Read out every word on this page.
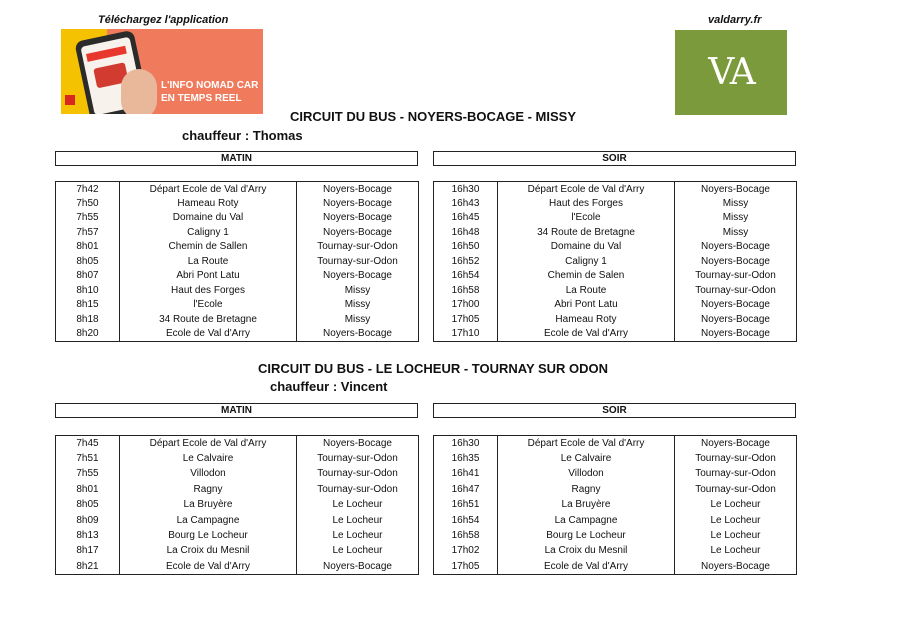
Téléchargez l'application	valdarry.fr
L'INFO NOMAD CAR
EN TEMPS REEL
VA
CIRCUIT DU BUS - NOYERS-BOCAGE - MISSY
chauffeur : Thomas
MATIN	SOIR
7h42	Départ Ecole de Val d'Arry	Noyers-Bocage
7h50	Hameau Roty	Noyers-Bocage
7h55	Domaine du Val	Noyers-Bocage
7h57	Caligny 1	Noyers-Bocage
8h01	Chemin de Sallen	Tournay-sur-Odon
8h05	La Route	Tournay-sur-Odon
8h07	Abri Pont Latu	Noyers-Bocage
8h10	Haut des Forges	Missy
8h15	l'Ecole	Missy
8h18	34 Route de Bretagne	Missy
8h20	Ecole de Val d'Arry	Noyers-Bocage
16h30	Départ Ecole de Val d'Arry	Noyers-Bocage
16h43	Haut des Forges	Missy
16h45	l'Ecole	Missy
16h48	34 Route de Bretagne	Missy
16h50	Domaine du Val	Noyers-Bocage
16h52	Caligny 1	Noyers-Bocage
16h54	Chemin de Salen	Tournay-sur-Odon
16h58	La Route	Tournay-sur-Odon
17h00	Abri Pont Latu	Noyers-Bocage
17h05	Hameau Roty	Noyers-Bocage
17h10	Ecole de Val d'Arry	Noyers-Bocage
CIRCUIT DU BUS - LE LOCHEUR - TOURNAY SUR ODON
chauffeur : Vincent
MATIN	SOIR
7h45	Départ Ecole de Val d'Arry	Noyers-Bocage
7h51	Le Calvaire	Tournay-sur-Odon
7h55	Villodon	Tournay-sur-Odon
8h01	Ragny	Tournay-sur-Odon
8h05	La Bruyère	Le Locheur
8h09	La Campagne	Le Locheur
8h13	Bourg Le Locheur	Le Locheur
8h17	La Croix du Mesnil	Le Locheur
8h21	Ecole de Val d'Arry	Noyers-Bocage
16h30	Départ Ecole de Val d'Arry	Noyers-Bocage
16h35	Le Calvaire	Tournay-sur-Odon
16h41	Villodon	Tournay-sur-Odon
16h47	Ragny	Tournay-sur-Odon
16h51	La Bruyère	Le Locheur
16h54	La Campagne	Le Locheur
16h58	Bourg Le Locheur	Le Locheur
17h02	La Croix du Mesnil	Le Locheur
17h05	Ecole de Val d'Arry	Noyers-Bocage
